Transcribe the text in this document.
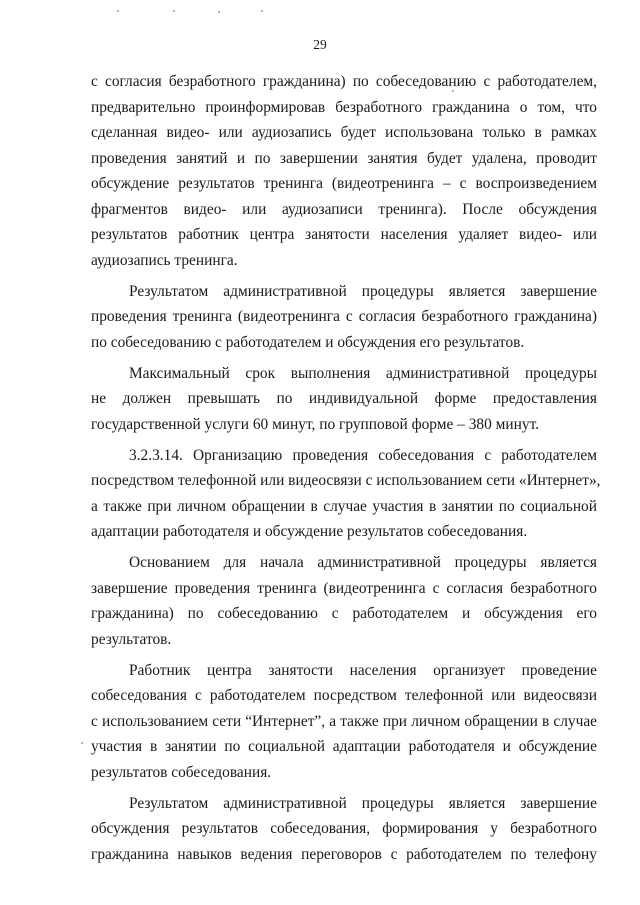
29
с согласия безработного гражданина) по собеседованию с работодателем,
предварительно проинформировав безработного гражданина о том, что
сделанная видео- или аудиозапись будет использована только в рамках
проведения занятий и по завершении занятия будет удалена, проводит
обсуждение результатов тренинга (видеотренинга – с воспроизведением
фрагментов видео- или аудиозаписи тренинга). После обсуждения
результатов работник центра занятости населения удаляет видео- или
аудиозапись тренинга.
Результатом административной процедуры является завершение
проведения тренинга (видеотренинга с согласия безработного гражданина)
по собеседованию с работодателем и обсуждения его результатов.
Максимальный срок выполнения административной процедуры
не должен превышать по индивидуальной форме предоставления
государственной услуги 60 минут, по групповой форме – 380 минут.
3.2.3.14. Организацию проведения собеседования с работодателем
посредством телефонной или видеосвязи с использованием сети «Интернет»,
а также при личном обращении в случае участия в занятии по социальной
адаптации работодателя и обсуждение результатов собеседования.
Основанием для начала административной процедуры является
завершение проведения тренинга (видеотренинга с согласия безработного
гражданина) по собеседованию с работодателем и обсуждения его
результатов.
Работник центра занятости населения организует проведение
собеседования с работодателем посредством телефонной или видеосвязи
с использованием сети “Интернет”, а также при личном обращении в случае
участия в занятии по социальной адаптации работодателя и обсуждение
результатов собеседования.
Результатом административной процедуры является завершение
обсуждения результатов собеседования, формирования у безработного
гражданина навыков ведения переговоров с работодателем по телефону
